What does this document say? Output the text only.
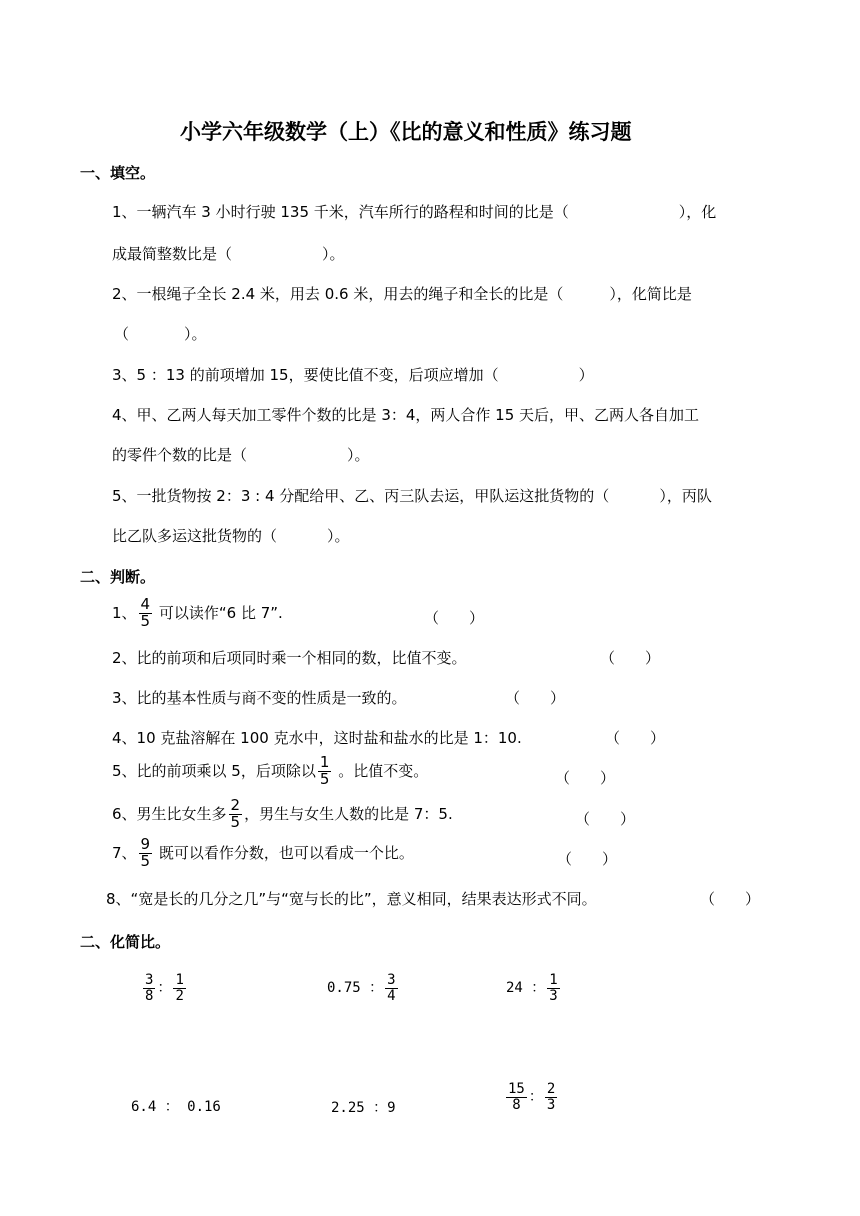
小学六年级数学（上）《比的意义和性质》练习题
一、填空。
1、一辆汽车 3 小时行驶 135 千米，汽车所行的路程和时间的比是（	），化
成最简整数比是（	）。
2、一根绳子全长 2.4 米，用去 0.6 米，用去的绳子和全长的比是（	），化简比是
（	）。
3、5 ：13 的前项增加 15，要使比值不变，后项应增加（	）
4、甲、乙两人每天加工零件个数的比是 3：4，两人合作 15 天后，甲、乙两人各自加工
的零件个数的比是（	）。
5、一批货物按 2：3 : 4 分配给甲、乙、丙三队去运，甲队运这批货物的（	），丙队
比乙队多运这批货物的（	）。
二、判断。
1、 $\frac{4}{5}$ 可以读作“6 比 7”.	（　　）
2、比的前项和后项同时乘一个相同的数，比值不变。	（　　）
3、比的基本性质与商不变的性质是一致的。	（　　）
4、10 克盐溶解在 100 克水中，这时盐和盐水的比是 1：10.	（　　）
5、比的前项乘以 5，后项除以 $\frac{1}{5}$ 。比值不变。	（　　）
6、男生比女生多 $\frac{2}{5}$ ，男生与女生人数的比是 7：5.	（　　）
7、 $\frac{9}{5}$ 既可以看作分数，也可以看成一个比。	（　　）
8、“宽是长的几分之几”与“宽与长的比”，意义相同，结果表达形式不同。	（　　）
二、化简比。
$\frac{3}{8}$ ： $\frac{1}{2}$	0.75 ： $\frac{3}{4}$	24 ： $\frac{1}{3}$
6.4 ： 0.16	2.25 ：9	$\frac{15}{8}$ ： $\frac{2}{3}$
